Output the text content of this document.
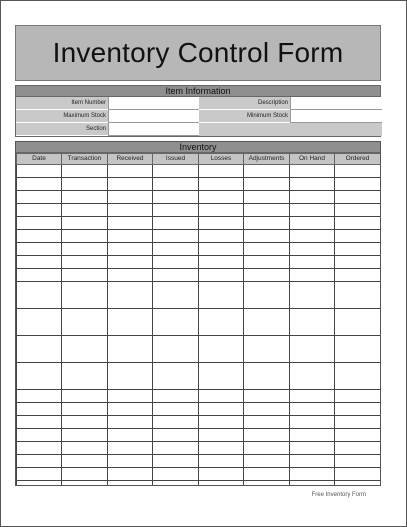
Inventory Control Form
Item Information
Item Number	Description
Maximum Stock	Minimum Stock
Section
Inventory
Date	Transaction	Received	Issued	Losses	Adjustments	On Hand	Ordered

Free Inventory Form
